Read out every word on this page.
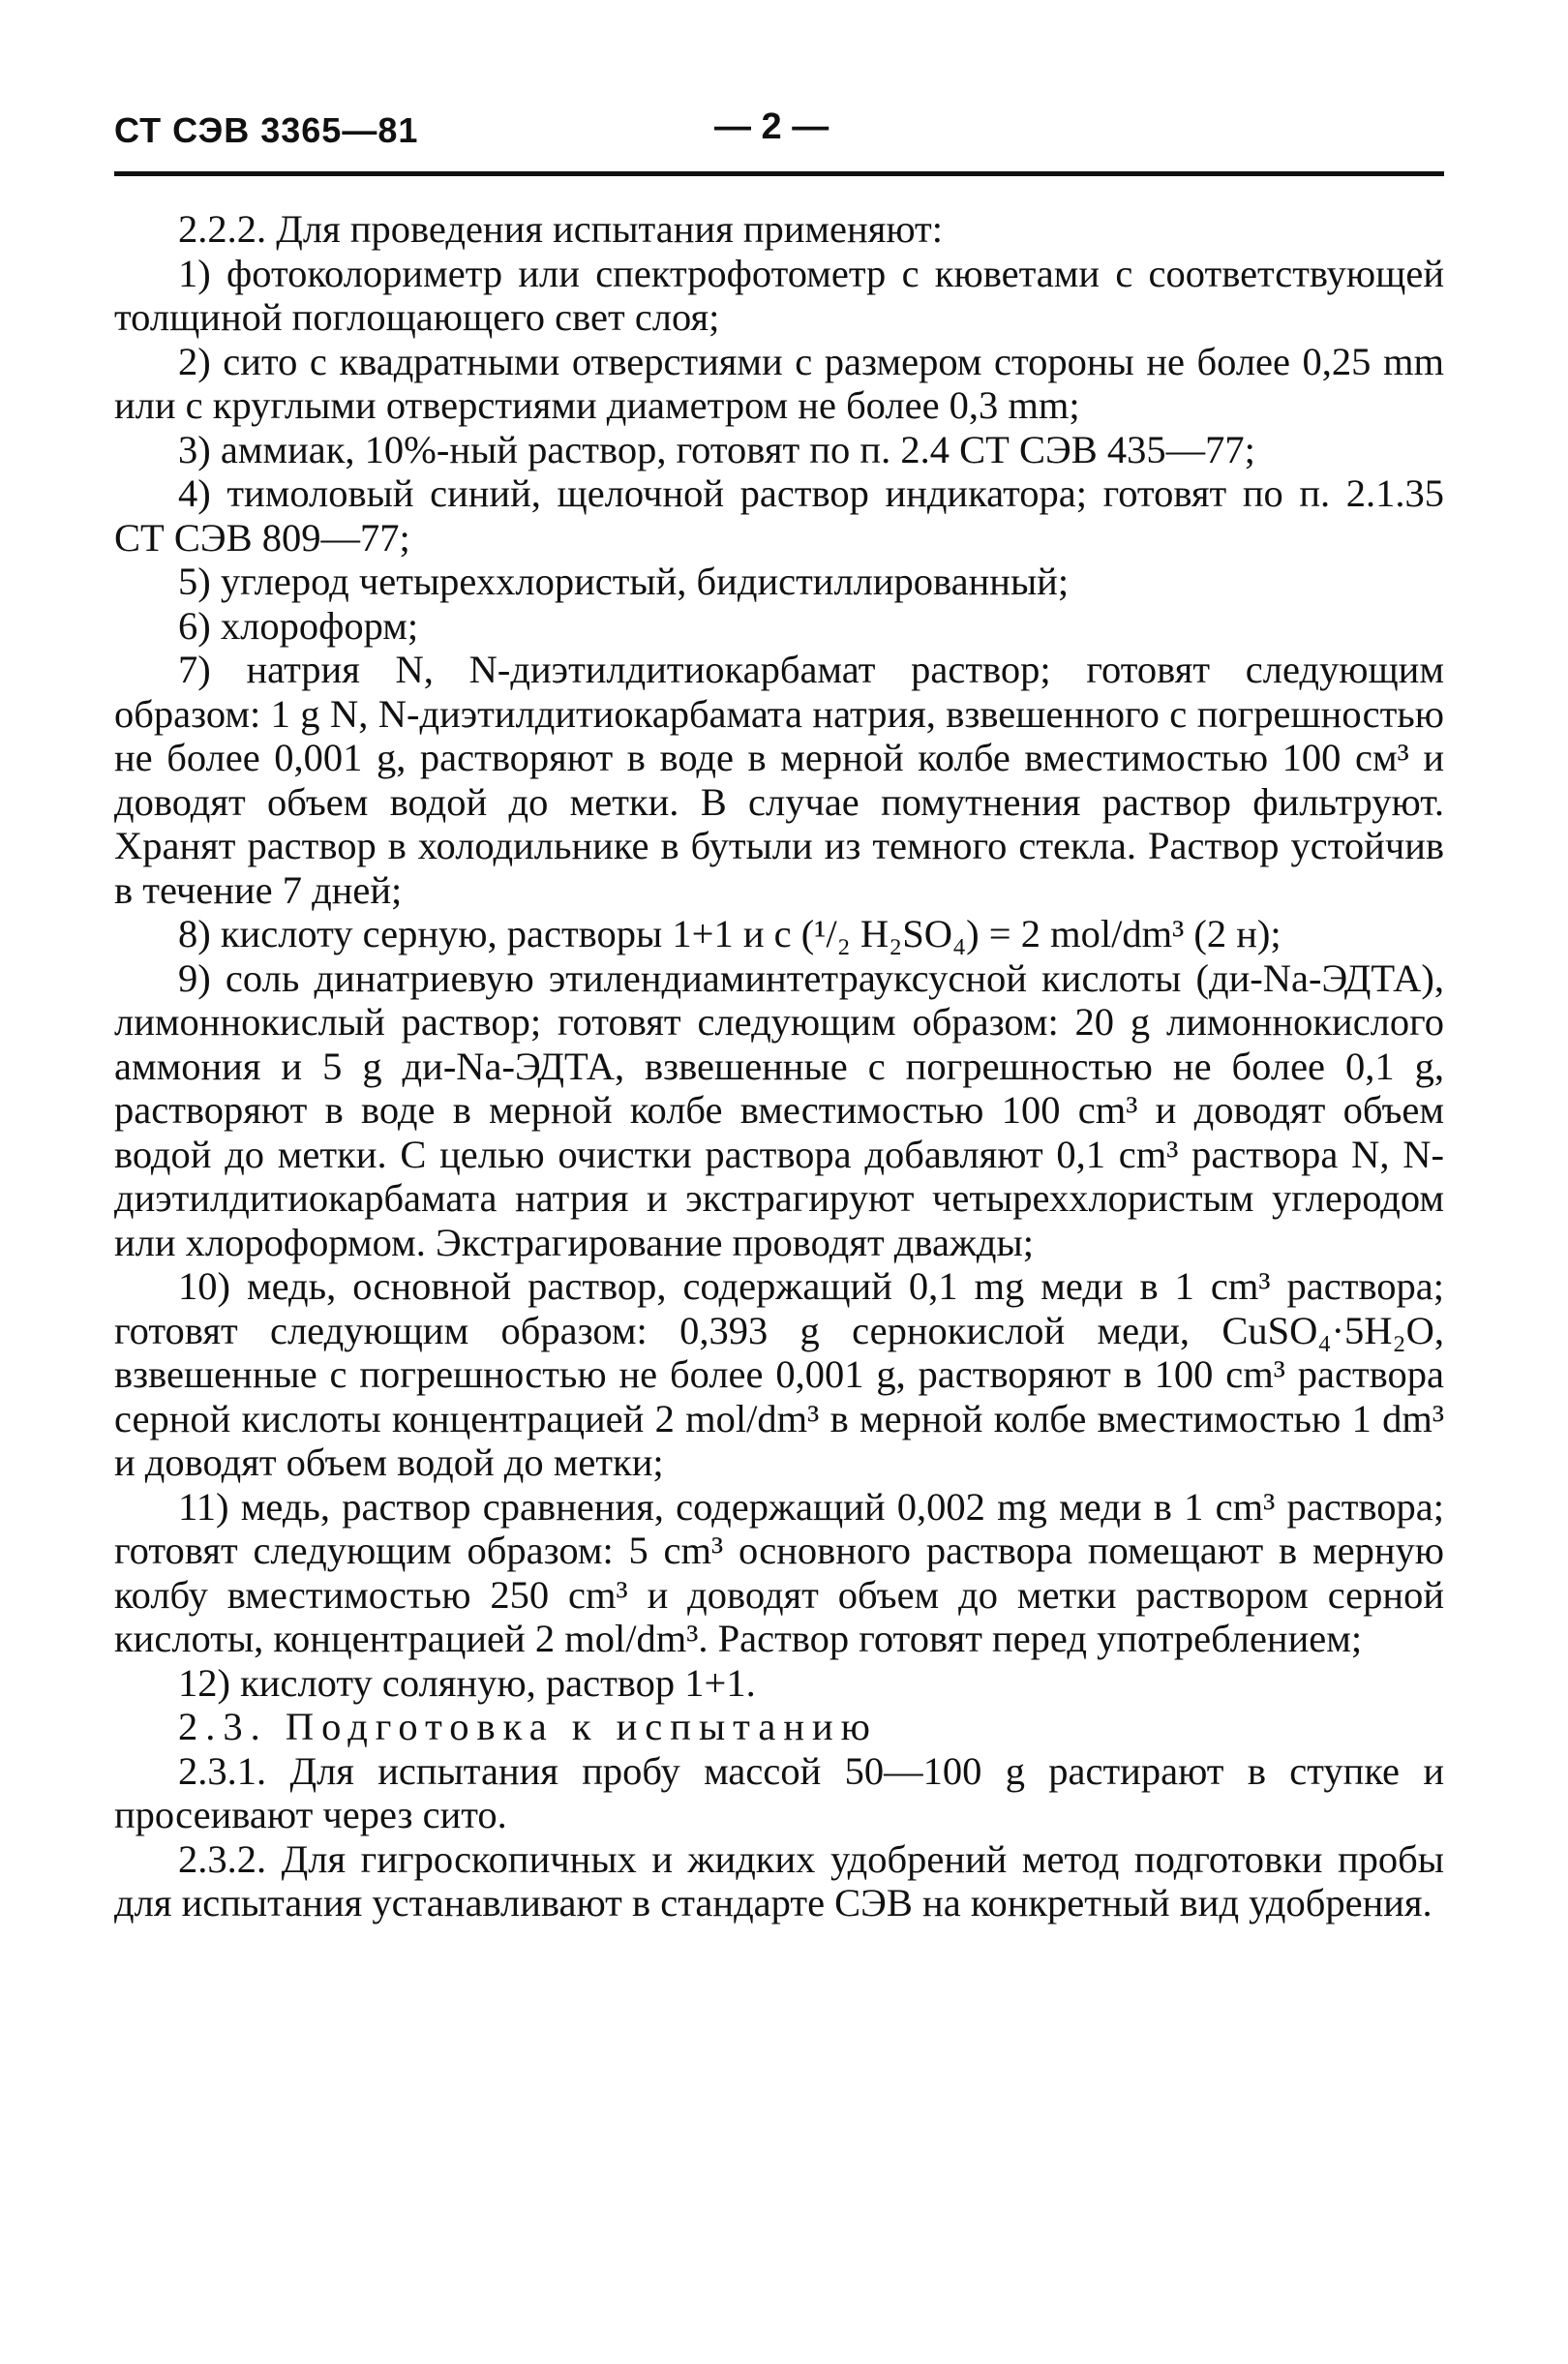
СТ СЭВ 3365—81	— 2 —

2.2.2. Для проведения испытания применяют:

1) фотоколориметр или спектрофотометр с кюветами с соответствующей толщиной поглощающего свет слоя;

2) сито с квадратными отверстиями с размером стороны не более 0,25 mm или с круглыми отверстиями диаметром не более 0,3 mm;

3) аммиак, 10%-ный раствор, готовят по п. 2.4 СТ СЭВ 435—77;

4) тимоловый синий, щелочной раствор индикатора; готовят по п. 2.1.35 СТ СЭВ 809—77;

5) углерод четыреххлористый, бидистиллированный;

6) хлороформ;

7) натрия N, N-диэтилдитиокарбамат раствор; готовят следующим образом: 1 g N, N-диэтилдитиокарбамата натрия, взвешенного с погрешностью не более 0,001 g, растворяют в воде в мерной колбе вместимостью 100 см³ и доводят объем водой до метки. В случае помутнения раствор фильтруют. Хранят раствор в холодильнике в бутыли из темного стекла. Раствор устойчив в течение 7 дней;

8) кислоту серную, растворы 1+1 и c (¹/₂ H₂SO₄) = 2 mol/dm³ (2 н);

9) соль динатриевую этилендиаминтетрауксусной кислоты (ди-Na-ЭДТА), лимоннокислый раствор; готовят следующим образом: 20 g лимоннокислого аммония и 5 g ди-Na-ЭДТА, взвешенные с погрешностью не более 0,1 g, растворяют в воде в мерной колбе вместимостью 100 cm³ и доводят объем водой до метки. С целью очистки раствора добавляют 0,1 cm³ раствора N, N-диэтилдитиокарбамата натрия и экстрагируют четыреххлористым углеродом или хлороформом. Экстрагирование проводят дважды;

10) медь, основной раствор, содержащий 0,1 mg меди в 1 cm³ раствора; готовят следующим образом: 0,393 g сернокислой меди, CuSO₄·5H₂O, взвешенные с погрешностью не более 0,001 g, растворяют в 100 cm³ раствора серной кислоты концентрацией 2 mol/dm³ в мерной колбе вместимостью 1 dm³ и доводят объем водой до метки;

11) медь, раствор сравнения, содержащий 0,002 mg меди в 1 cm³ раствора; готовят следующим образом: 5 cm³ основного раствора помещают в мерную колбу вместимостью 250 cm³ и доводят объем до метки раствором серной кислоты, концентрацией 2 mol/dm³. Раствор готовят перед употреблением;

12) кислоту соляную, раствор 1+1.

2.3. Подготовка к испытанию

2.3.1. Для испытания пробу массой 50—100 g растирают в ступке и просеивают через сито.

2.3.2. Для гигроскопичных и жидких удобрений метод подготовки пробы для испытания устанавливают в стандарте СЭВ на конкретный вид удобрения.
